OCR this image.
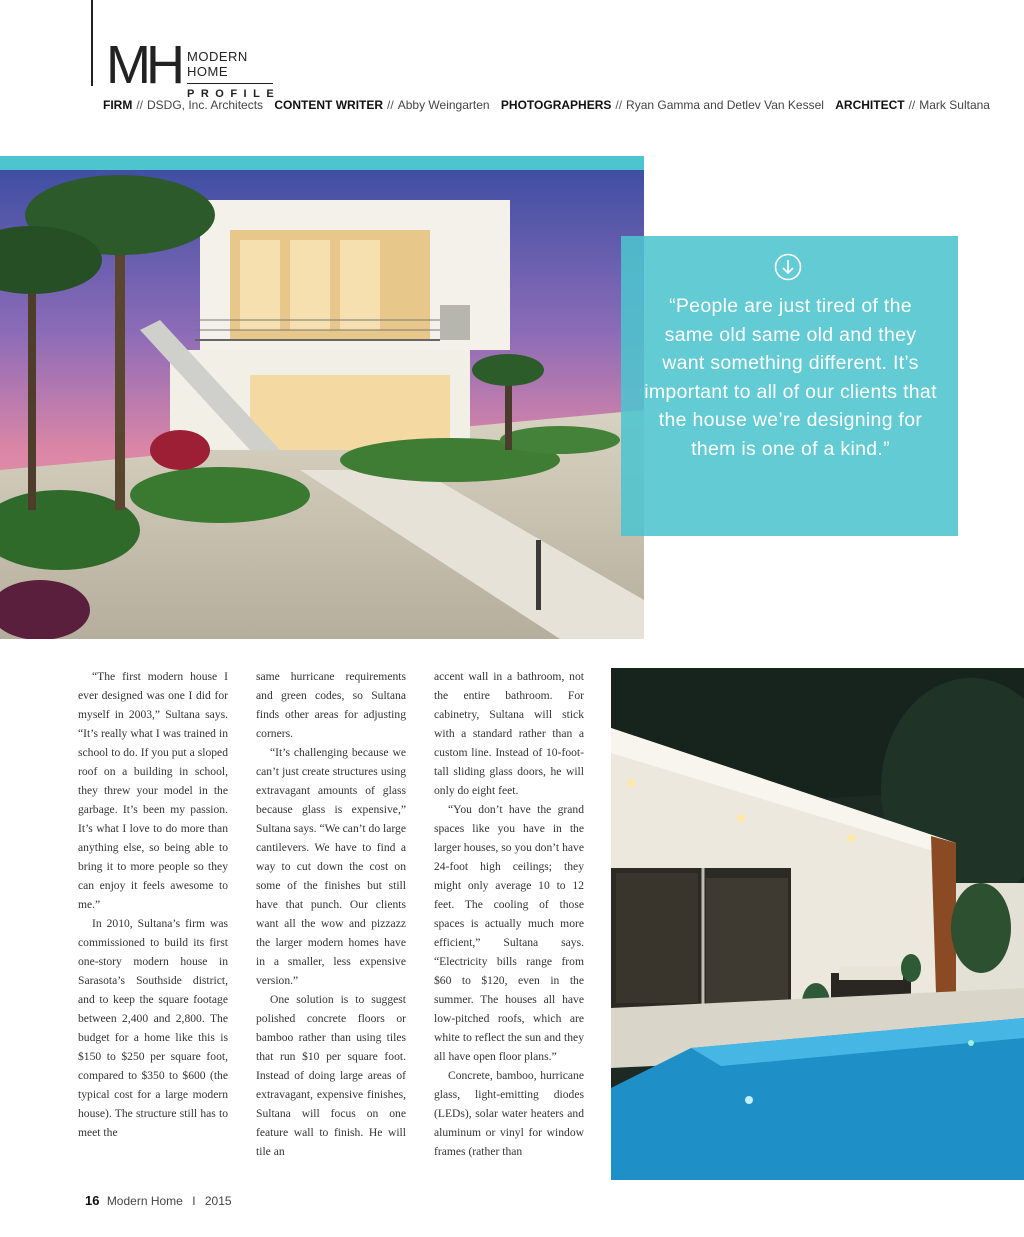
MH MODERN HOME
PROFILE
FIRM // DSDG, Inc. Architects CONTENT WRITER // Abby Weingarten PHOTOGRAPHERS // Ryan Gamma and Detlev Van Kessel ARCHITECT // Mark Sultana
“People are just tired of the same old same old and they want something different. It’s important to all of our clients that the house we’re designing for them is one of a kind.”

“The first modern house I ever designed was one I did for myself in 2003,” Sultana says. “It’s really what I was trained in school to do. If you put a sloped roof on a building in school, they threw your model in the garbage. It’s been my passion. It’s what I love to do more than anything else, so being able to bring it to more people so they can enjoy it feels awesome to me.”

In 2010, Sultana’s firm was commissioned to build its first one-story modern house in Sarasota’s Southside district, and to keep the square footage between 2,400 and 2,800. The budget for a home like this is $150 to $250 per square foot, compared to $350 to $600 (the typical cost for a large modern house). The structure still has to meet the

same hurricane requirements and green codes, so Sultana finds other areas for adjusting corners.

“It’s challenging because we can’t just create structures using extravagant amounts of glass because glass is expensive,” Sultana says. “We can’t do large cantilevers. We have to find a way to cut down the cost on some of the finishes but still have that punch. Our clients want all the wow and pizzazz the larger modern homes have in a smaller, less expensive version.”

One solution is to suggest polished concrete floors or bamboo rather than using tiles that run $10 per square foot. Instead of doing large areas of extravagant, expensive finishes, Sultana will focus on one feature wall to finish. He will tile an

accent wall in a bathroom, not the entire bathroom. For cabinetry, Sultana will stick with a standard rather than a custom line. Instead of 10-foot-tall sliding glass doors, he will only do eight feet.

“You don’t have the grand spaces like you have in the larger houses, so you don’t have 24-foot high ceilings; they might only average 10 to 12 feet. The cooling of those spaces is actually much more efficient,” Sultana says. “Electricity bills range from $60 to $120, even in the summer. The houses all have low-pitched roofs, which are white to reflect the sun and they all have open floor plans.”

Concrete, bamboo, hurricane glass, light-emitting diodes (LEDs), solar water heaters and aluminum or vinyl for window frames (rather than

16 Modern Home I 2015
